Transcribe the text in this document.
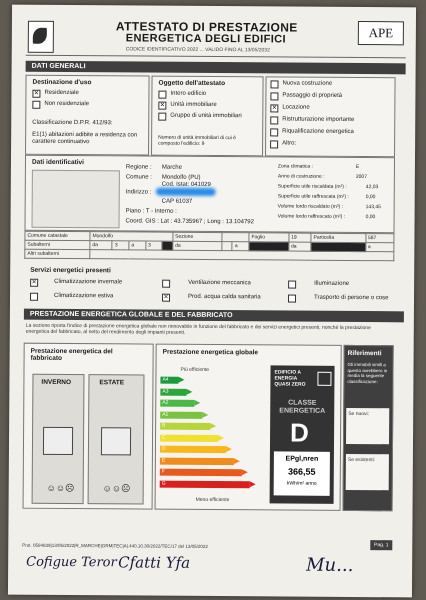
ATTESTATO DI PRESTAZIONE
ENERGETICA DEGLI EDIFICI
CODICE IDENTIFICATIVO 2022 ... VALIDO FINO AL 13/05/2032
APE
DATI GENERALI
Destinazione d'uso
✕ Residenziale
Non residenziale
Classificazione D.P.R. 412/93:
E1(1) abitazioni adibite a residenza con carattere continuativo
Oggetto dell'attestato
Intero edificio
✕ Unità immobiliare
Gruppo di unità immobiliari
Numero di unità immobiliari di cui è composto l'edificio: 9
Nuova costruzione
Passaggio di proprietà
✕ Locazione
Ristrutturazione importante
Riqualificazione energetica
Altro:
Dati identificativi
Regione : Marche
Comune : Mondolfo (PU)
Cod. Istat: 041029
Indirizzo :
CAP 61037
Piano : T - Interno :
Coord. GIS : Lat : 43.735967 ; Long : 13.104792
Zona climatica :	E
Anno di costruzione :	2007
Superficie utile riscaldata (m²) :	42,03
Superficie utile raffrescata (m²) :	0,00
Volume lordo riscaldato (m³) :	143,45
Volume lordo raffrescato (m³) :	0,00
Comune catastale	Mondolfo					Sezione			Foglio	19	Particella	587
Subalterni	da	3	a	3		da		a		da		a
Altri subalterni												
Servizi energetici presenti
✕	Climatizzazione invernale
Climatizzazione estiva
Ventilazione meccanica
✕	Prod. acqua calda sanitaria
Illuminazione
Trasporto di persone o cose
PRESTAZIONE ENERGETICA GLOBALE E DEL FABBRICATO
La sezione riporta l'indice di prestazione energetica globale non rinnovabile in funzione del fabbricato e dei servizi energetici presenti, nonché la prestazione energetica del fabbricato, al netto del rendimento degli impianti presenti.
Prestazione energetica del fabbricato
INVERNO
☺☺☹
ESTATE
☺☺☹
Prestazione energetica globale
Più efficiente
A4
A3
A2
A1
B
C
D
E
F
G
Meno efficiente
EDIFICIO A ENERGIA QUASI ZERO
CLASSE ENERGETICA
D
EPgl,nren
366,55
kWh/m² anno
Riferimenti
Gli immobili simili a questo avrebbero in media la seguente classificazione:
Se nuovi:
Se esistenti:
Prot. 0584839|13/05/2022|R_MARCHE|GRM|TEC|A|.440.10.30/2022/TEC/17 del 13/05/2022	Pag. 1
Cofigue Teror Cfatti Yfa	Mu...
